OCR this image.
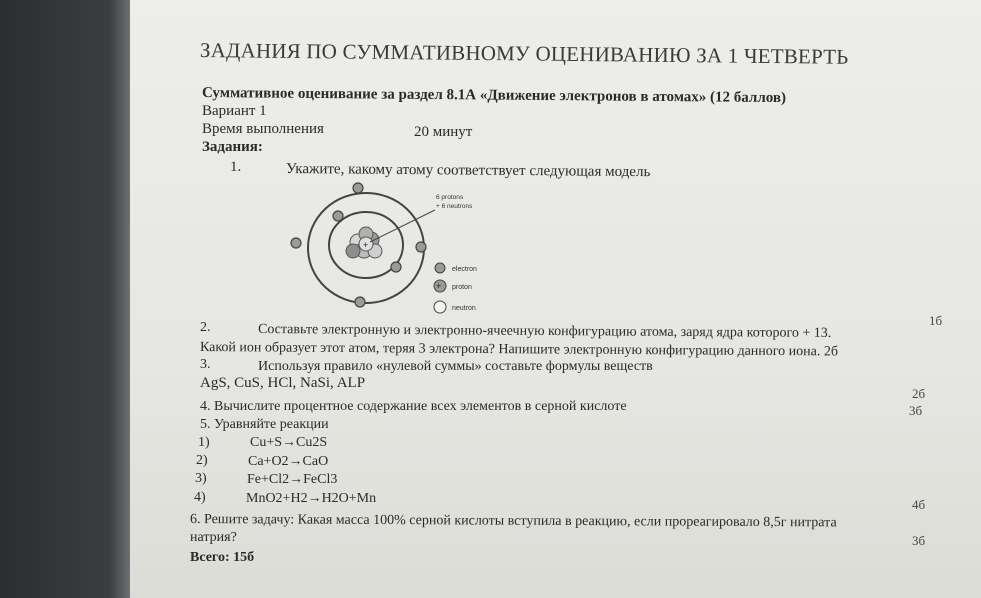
ЗАДАНИЯ ПО СУММАТИВНОМУ ОЦЕНИВАНИЮ ЗА 1 ЧЕТВЕРТЬ
Суммативное оценивание за раздел 8.1А «Движение электронов в атомах» (12 баллов)
Вариант 1
Время выполнения	20 минут
Задания:
1.	Укажите, какому атому соответствует следующая модель
+
6 protons
+ 6 neutrons
electron
+ proton
neutron
1б
2.	Составьте электронную и электронно-ячеечную конфигурацию атома, заряд ядра которого + 13.
Какой ион образует этот атом, теряя 3 электрона? Напишите электронную конфигурацию данного иона. 2б
3.	Используя правило «нулевой суммы» составьте формулы веществ
AgS, CuS, HCl, NaSi, ALP
2б
4. Вычислите процентное содержание всех элементов в серной кислоте	3б
5. Уравняйте реакции
1)	Cu+S→Cu2S
2)	Ca+O2→CaO
3)	Fe+Cl2→FeCl3
4)	MnO2+H2→H2O+Mn	4б
6. Решите задачу: Какая масса 100% серной кислоты вступила в реакцию, если прореагировало 8,5г нитрата
натрия?	3б
Всего: 15б
